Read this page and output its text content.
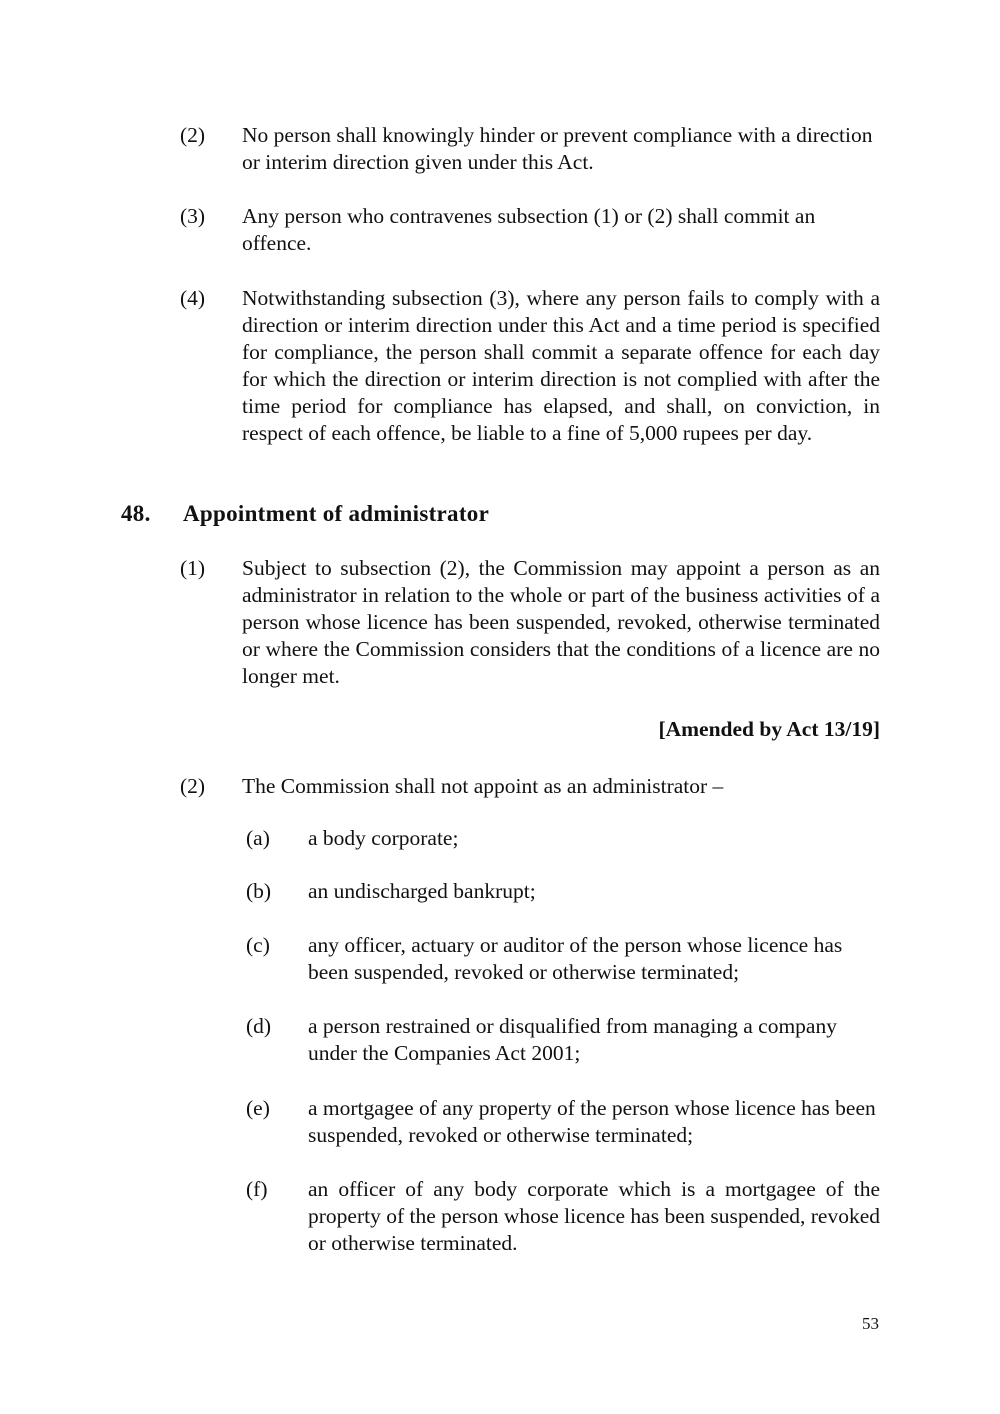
(2) No person shall knowingly hinder or prevent compliance with a direction or interim direction given under this Act.
(3) Any person who contravenes subsection (1) or (2) shall commit an offence.
(4) Notwithstanding subsection (3), where any person fails to comply with a direction or interim direction under this Act and a time period is specified for compliance, the person shall commit a separate offence for each day for which the direction or interim direction is not complied with after the time period for compliance has elapsed, and shall, on conviction, in respect of each offence, be liable to a fine of 5,000 rupees per day.
48. Appointment of administrator
(1) Subject to subsection (2), the Commission may appoint a person as an administrator in relation to the whole or part of the business activities of a person whose licence has been suspended, revoked, otherwise terminated or where the Commission considers that the conditions of a licence are no longer met.
[Amended by Act 13/19]
(2) The Commission shall not appoint as an administrator –
(a) a body corporate;
(b) an undischarged bankrupt;
(c) any officer, actuary or auditor of the person whose licence has been suspended, revoked or otherwise terminated;
(d) a person restrained or disqualified from managing a company under the Companies Act 2001;
(e) a mortgagee of any property of the person whose licence has been suspended, revoked or otherwise terminated;
(f) an officer of any body corporate which is a mortgagee of the property of the person whose licence has been suspended, revoked or otherwise terminated.
53
